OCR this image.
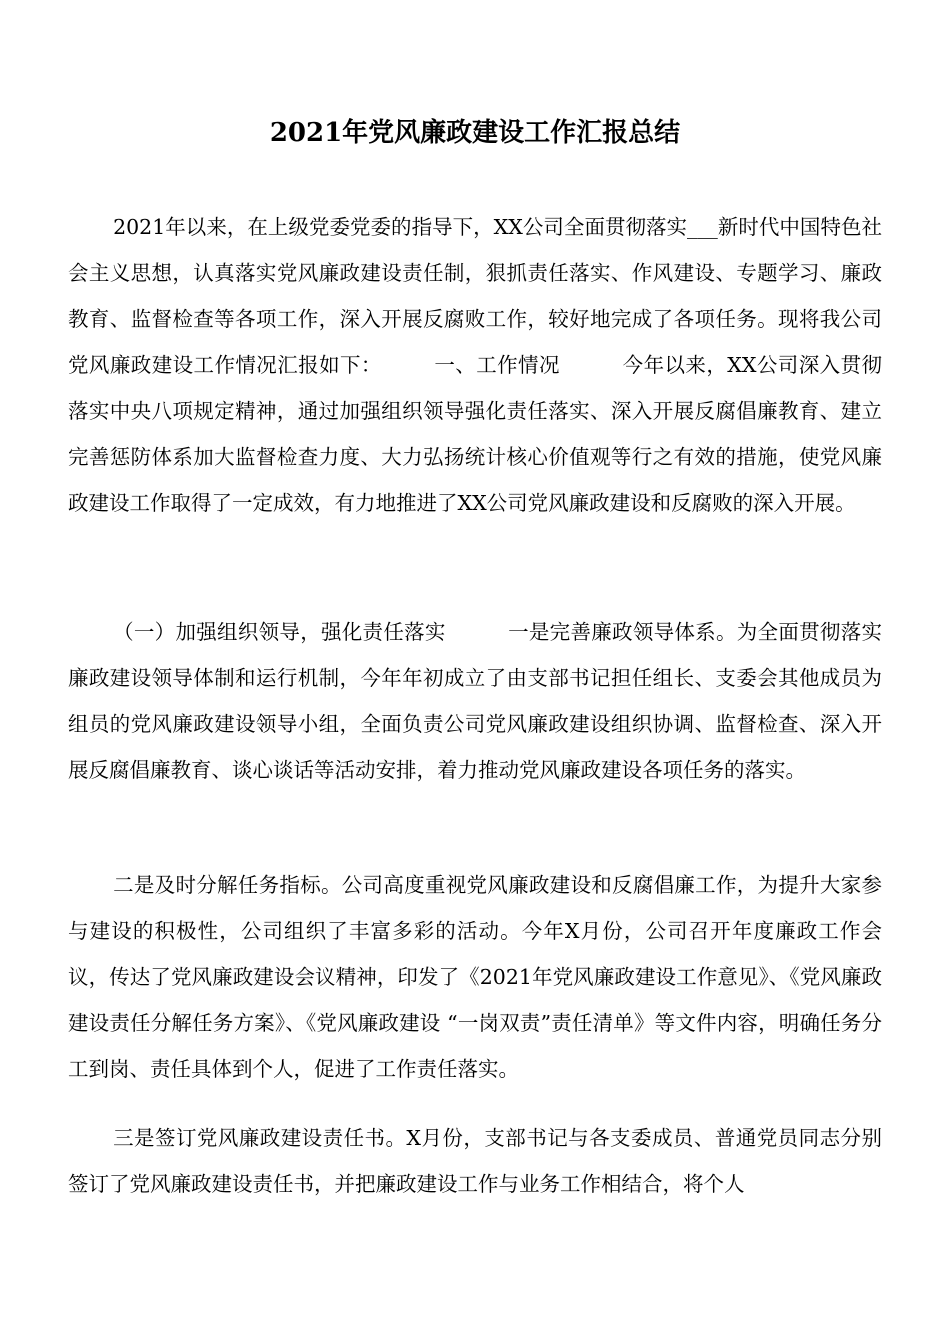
2021年党风廉政建设工作汇报总结

2021年以来，在上级党委党委的指导下，XX公司全面贯彻落实___新时代中国特色社会主义思想，认真落实党风廉政建设责任制，狠抓责任落实、作风建设、专题学习、廉政教育、监督检查等各项工作，深入开展反腐败工作，较好地完成了各项任务。现将我公司党风廉政建设工作情况汇报如下：　　　一、工作情况　　　今年以来，XX公司深入贯彻落实中央八项规定精神，通过加强组织领导强化责任落实、深入开展反腐倡廉教育、建立完善惩防体系加大监督检查力度、大力弘扬统计核心价值观等行之有效的措施，使党风廉政建设工作取得了一定成效，有力地推进了XX公司党风廉政建设和反腐败的深入开展。

（一）加强组织领导，强化责任落实　　　一是完善廉政领导体系。为全面贯彻落实廉政建设领导体制和运行机制，今年年初成立了由支部书记担任组长、支委会其他成员为组员的党风廉政建设领导小组，全面负责公司党风廉政建设组织协调、监督检查、深入开展反腐倡廉教育、谈心谈话等活动安排，着力推动党风廉政建设各项任务的落实。

二是及时分解任务指标。公司高度重视党风廉政建设和反腐倡廉工作，为提升大家参与建设的积极性，公司组织了丰富多彩的活动。今年X月份，公司召开年度廉政工作会议，传达了党风廉政建设会议精神，印发了《2021年党风廉政建设工作意见》、《党风廉政建设责任分解任务方案》、《党风廉政建设 “一岗双责”责任清单》等文件内容，明确任务分工到岗、责任具体到个人，促进了工作责任落实。

三是签订党风廉政建设责任书。X月份，支部书记与各支委成员、普通党员同志分别签订了党风廉政建设责任书，并把廉政建设工作与业务工作相结合，将个人
